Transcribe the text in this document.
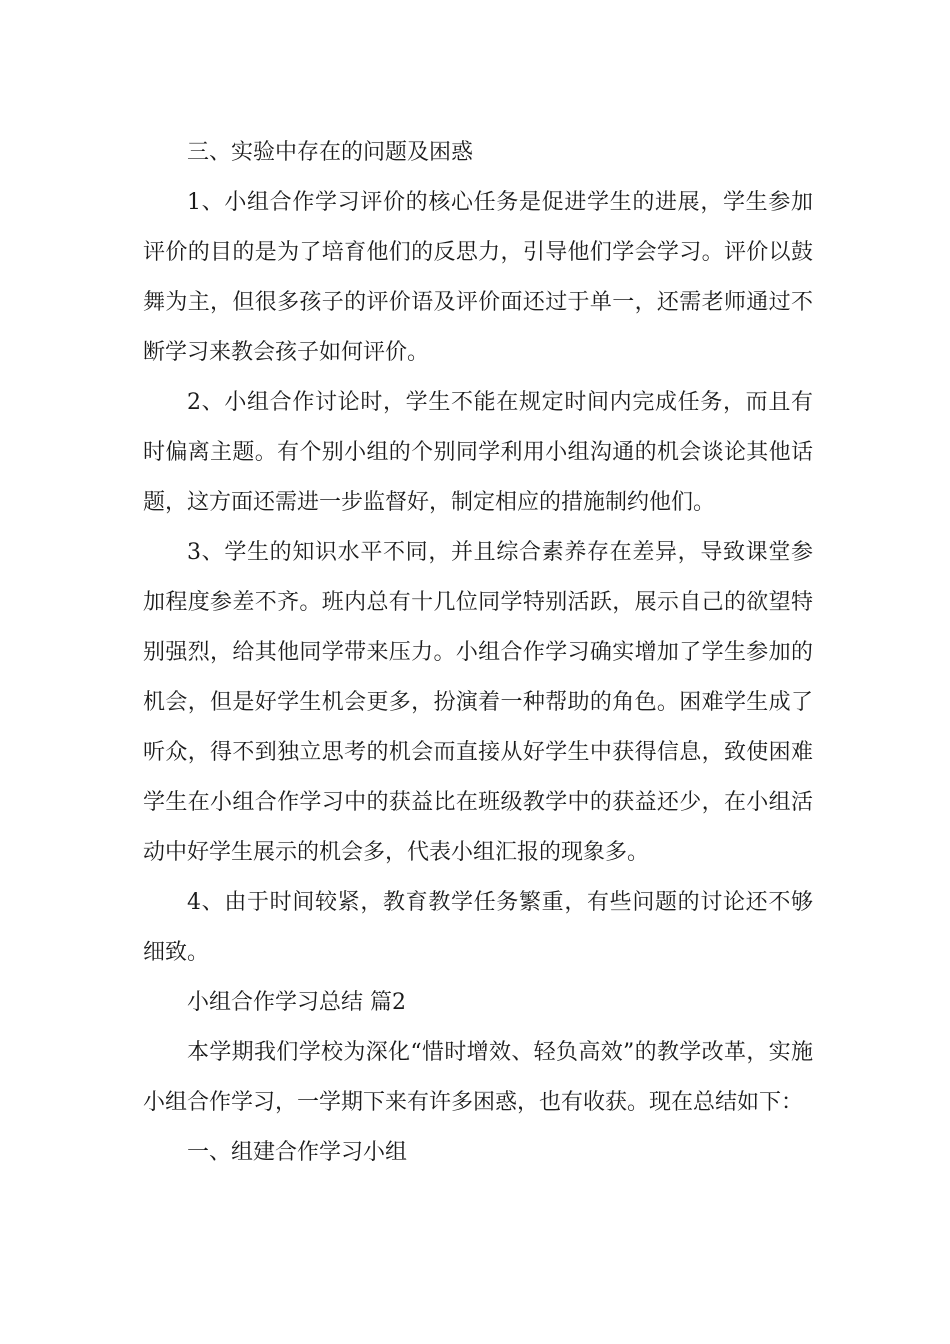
三、实验中存在的问题及困惑

1、小组合作学习评价的核心任务是促进学生的进展，学生参加评价的目的是为了培育他们的反思力，引导他们学会学习。评价以鼓舞为主，但很多孩子的评价语及评价面还过于单一，还需老师通过不断学习来教会孩子如何评价。

2、小组合作讨论时，学生不能在规定时间内完成任务，而且有时偏离主题。有个别小组的个别同学利用小组沟通的机会谈论其他话题，这方面还需进一步监督好，制定相应的措施制约他们。

3、学生的知识水平不同，并且综合素养存在差异，导致课堂参加程度参差不齐。班内总有十几位同学特别活跃，展示自己的欲望特别强烈，给其他同学带来压力。小组合作学习确实增加了学生参加的机会，但是好学生机会更多，扮演着一种帮助的角色。困难学生成了听众，得不到独立思考的机会而直接从好学生中获得信息，致使困难学生在小组合作学习中的获益比在班级教学中的获益还少，在小组活动中好学生展示的机会多，代表小组汇报的现象多。

4、由于时间较紧，教育教学任务繁重，有些问题的讨论还不够细致。

小组合作学习总结 篇2

本学期我们学校为深化“惜时增效、轻负高效”的教学改革，实施小组合作学习，一学期下来有许多困惑，也有收获。现在总结如下：

一、组建合作学习小组
